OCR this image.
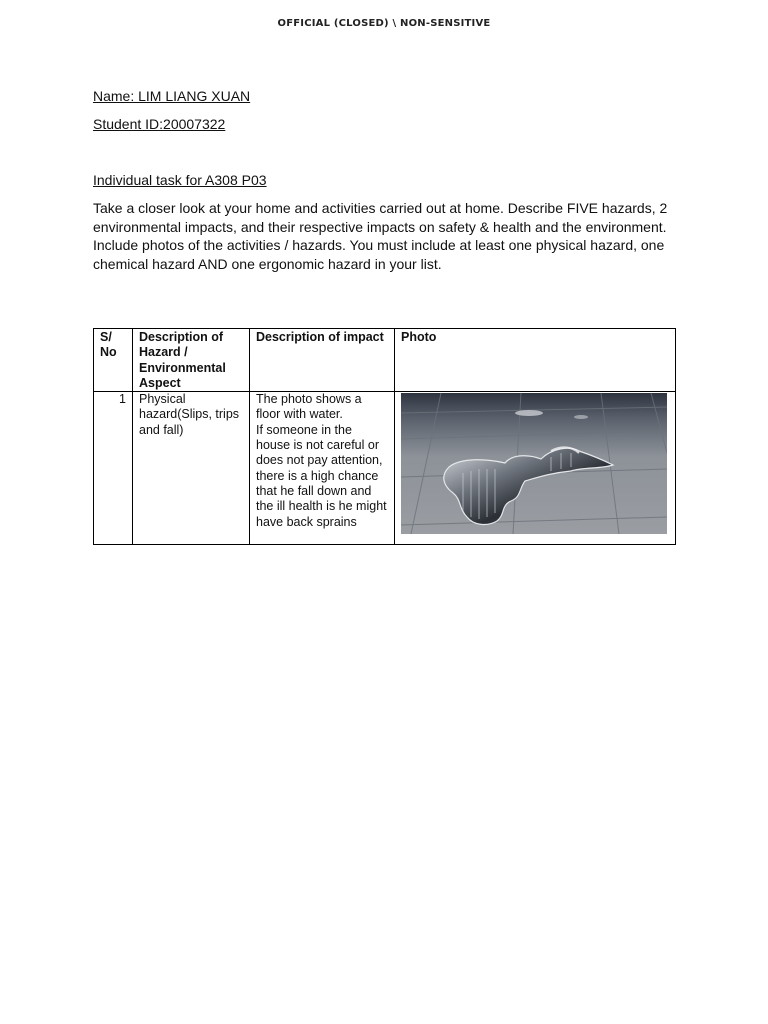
OFFICIAL (CLOSED) \ NON-SENSITIVE
Name: LIM LIANG XUAN
Student ID:20007322
Individual task for A308 P03
Take a closer look at your home and activities carried out at home. Describe FIVE hazards, 2 environmental impacts, and their respective impacts on safety & health and the environment. Include photos of the activities / hazards. You must include at least one physical hazard, one chemical hazard AND one ergonomic hazard in your list.
S/ No	Description of Hazard / Environmental Aspect	Description of impact	Photo
1	Physical hazard(Slips, trips and fall)	The photo shows a floor with water.
If someone in the house is not careful or does not pay attention, there is a high chance that he fall down and the ill health is he might have back sprains
